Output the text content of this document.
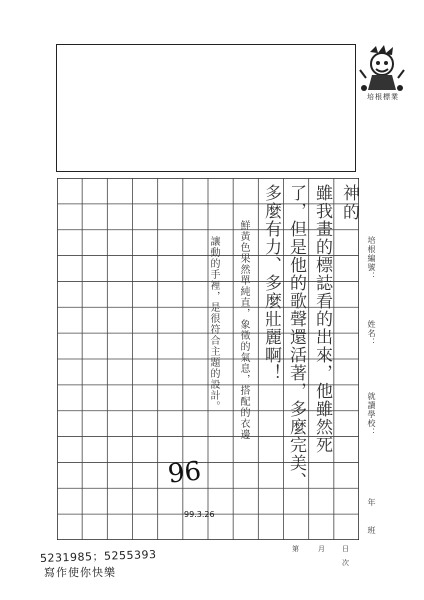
培根標業
培根編號：
姓名：
就讀學校：
年
班
第	月 日
次
神的
雖我畫的標誌看的出來，他雖然死
了，但是他的歌聲還活著，多麼完美、
多麼有力、多麼壯麗啊！
鮮黃色果然單純直，象徵的氣息，搭配的衣邊
讓動的手裡，是很符合主題的設計。
96
99.3.26
5231985；5255393
寫作使你快樂
